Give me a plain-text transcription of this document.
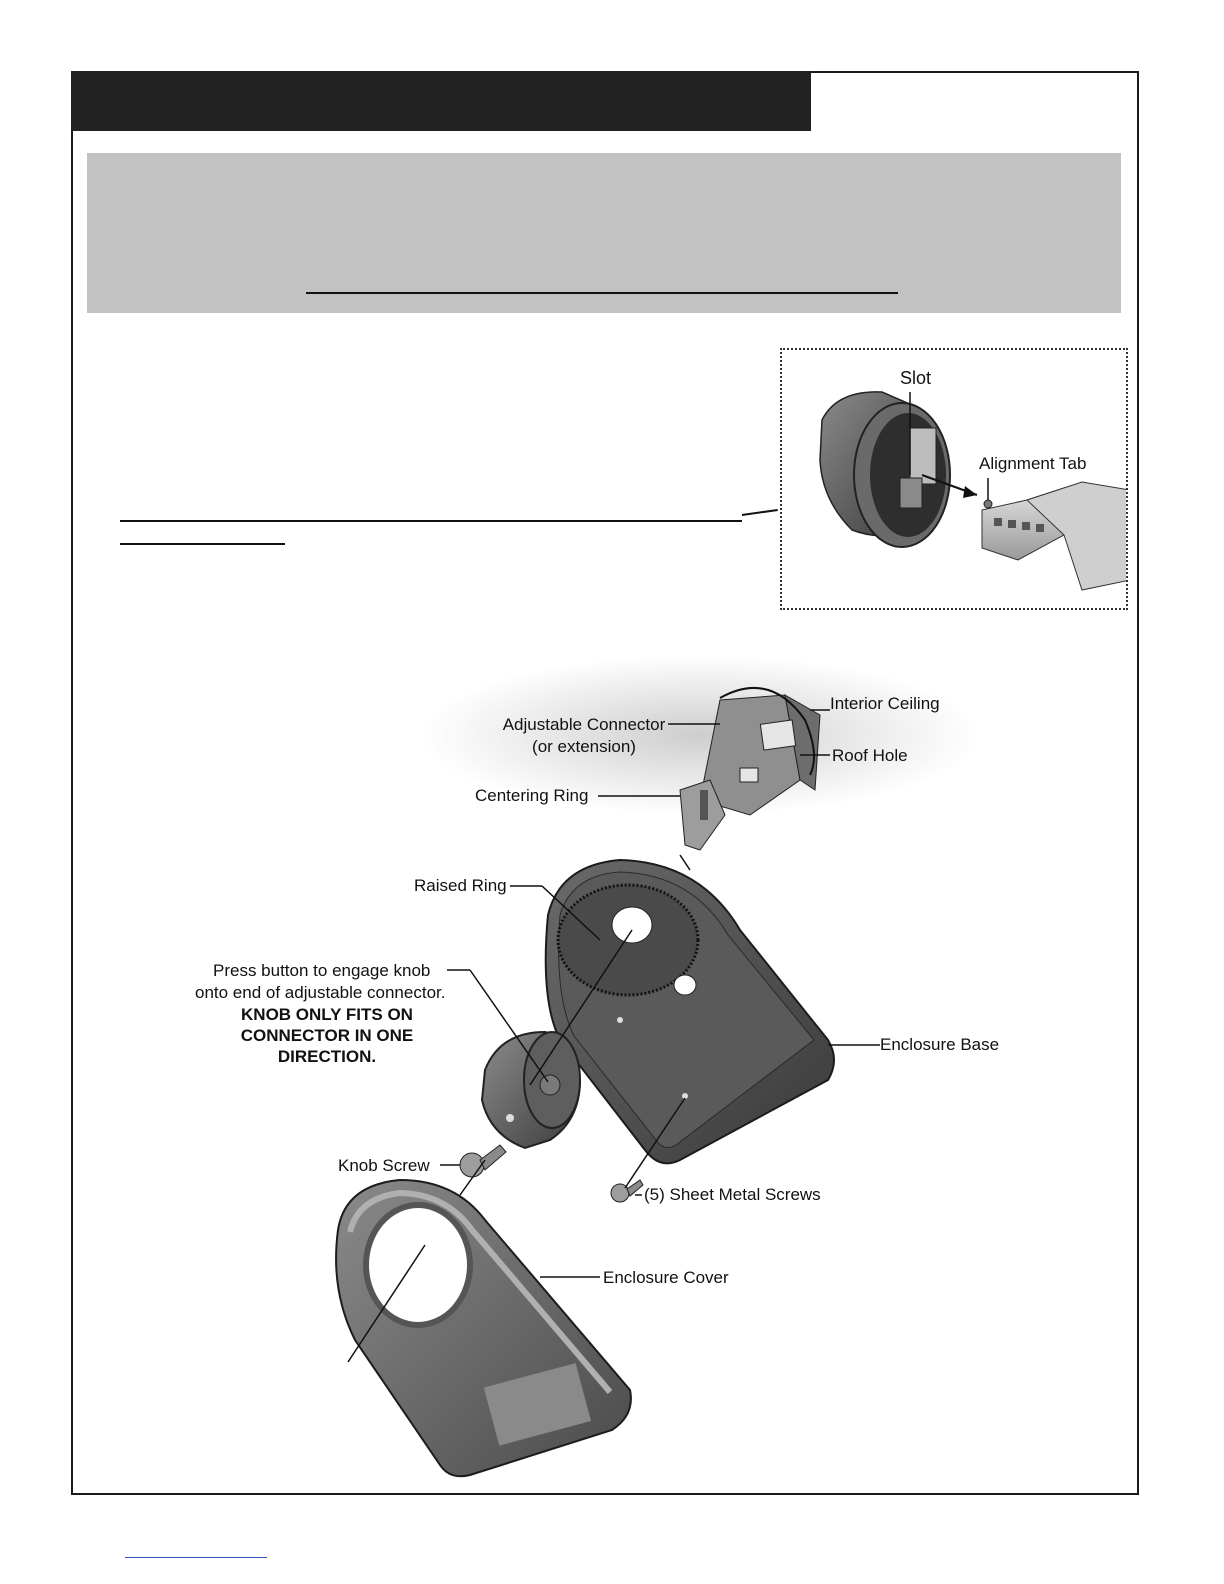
Slot
Alignment Tab
Adjustable Connector
(or extension)
Interior Ceiling
Roof Hole
Centering Ring
Raised Ring
Press button to engage knob
onto end of adjustable connector.
KNOB ONLY FITS ON
CONNECTOR IN ONE
DIRECTION.
Enclosure Base
Knob Screw
(5) Sheet Metal Screws
Enclosure Cover
